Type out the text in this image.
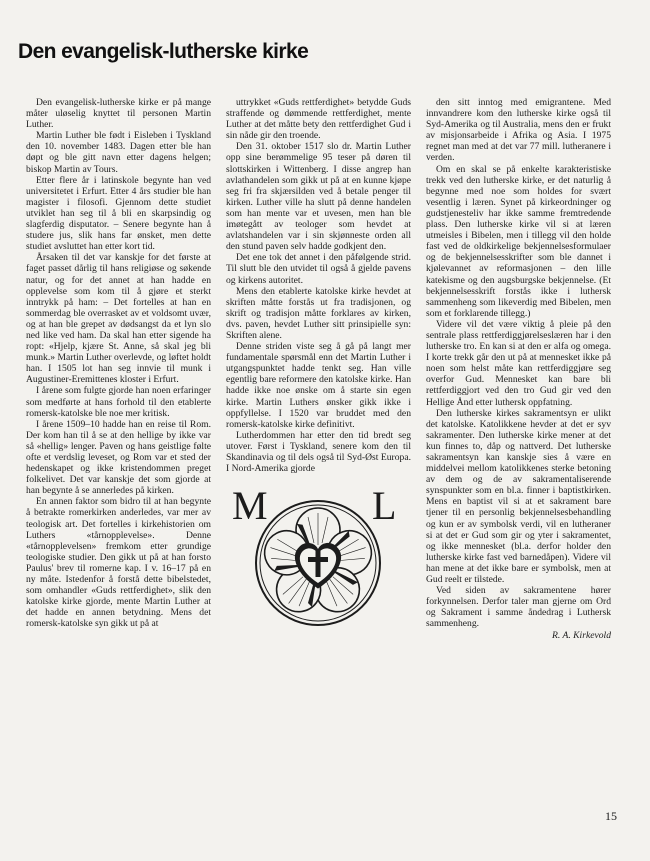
Den evangelisk-lutherske kirke

Den evangelisk-lutherske kirke er på mange måter uløselig knyttet til personen Martin Luther.

Martin Luther ble født i Eisleben i Tyskland den 10. november 1483. Dagen etter ble han døpt og ble gitt navn etter dagens helgen; biskop Martin av Tours.

Etter flere år i latinskole begynte han ved universitetet i Erfurt. Etter 4 års studier ble han magister i filosofi. Gjennom dette studiet utviklet han seg til å bli en skarpsindig og slagferdig disputator. – Senere begynte han å studere jus, slik hans far ønsket, men dette studiet avsluttet han etter kort tid.

Årsaken til det var kanskje for det første at faget passet dårlig til hans religiøse og søkende natur, og for det annet at han hadde en opplevelse som kom til å gjøre et sterkt inntrykk på ham: – Det fortelles at han en sommerdag ble overrasket av et voldsomt uvær, og at han ble grepet av dødsangst da et lyn slo ned like ved ham. Da skal han etter sigende ha ropt: «Hjelp, kjære St. Anne, så skal jeg bli munk.» Martin Luther overlevde, og løftet holdt han. I 1505 lot han seg innvie til munk i Augustiner-Eremittenes kloster i Erfurt.

I årene som fulgte gjorde han noen erfaringer som medførte at hans forhold til den etablerte romersk-katolske ble noe mer kritisk.

I årene 1509–10 hadde han en reise til Rom. Der kom han til å se at den hellige by ikke var så «hellig» lenger. Paven og hans geistlige følte ofte et verdslig leveset, og Rom var et sted der hedenskapet og ikke kristendommen preget folkelivet. Det var kanskje det som gjorde at han begynte å se annerledes på kirken.

En annen faktor som bidro til at han begynte å betrakte romerkirken anderledes, var mer av teologisk art. Det fortelles i kirkehistorien om Luthers «tårnopplevelse». Denne «tårnopplevelsen» fremkom etter grundige teologiske studier. Den gikk ut på at han forsto Paulus' brev til romerne kap. I v. 16–17 på en ny måte. Istedenfor å forstå dette bibelstedet, som omhandler «Guds rettferdighet», slik den katolske kirke gjorde, mente Martin Luther at det hadde en annen betydning. Mens det romersk-katolske syn gikk ut på at

uttrykket «Guds rettferdighet» betydde Guds straffende og dømmende rettferdighet, mente Luther at det måtte bety den rettferdighet Gud i sin nåde gir den troende.

Den 31. oktober 1517 slo dr. Martin Luther opp sine berømmelige 95 teser på døren til slottskirken i Wittenberg. I disse angrep han avlathandelen som gikk ut på at en kunne kjøpe seg fri fra skjærsilden ved å betale penger til kirken. Luther ville ha slutt på denne handelen som han mente var et uvesen, men han ble imøtegått av teologer som hevdet at avlatshandelen var i sin skjønneste orden all den stund paven selv hadde godkjent den.

Det ene tok det annet i den påfølgende strid. Til slutt ble den utvidet til også å gjelde pavens og kirkens autoritet.

Mens den etablerte katolske kirke hevdet at skriften måtte forstås ut fra tradisjonen, og skrift og tradisjon måtte forklares av kirken, dvs. paven, hevdet Luther sitt prinsipielle syn: Skriften alene.

Denne striden viste seg å gå på langt mer fundamentale spørsmål enn det Martin Luther i utgangspunktet hadde tenkt seg. Han ville egentlig bare reformere den katolske kirke. Han hadde ikke noe ønske om å starte sin egen kirke. Martin Luthers ønsker gikk ikke i oppfyllelse. I 1520 var bruddet med den romersk-katolske kirke definitivt.

Lutherdommen har etter den tid bredt seg utover. Først i Tyskland, senere kom den til Skandinavia og til dels også til Syd-Øst Europa. I Nord-Amerika gjorde

M	L

den sitt inntog med emigrantene. Med innvandrere kom den lutherske kirke også til Syd-Amerika og til Australia, mens den er frukt av misjonsarbeide i Afrika og Asia. I 1975 regnet man med at det var 77 mill. lutheranere i verden.

Om en skal se på enkelte karakteristiske trekk ved den lutherske kirke, er det naturlig å begynne med noe som holdes for svært vesentlig i læren. Synet på kirkeordninger og gudstjenesteliv har ikke samme fremtredende plass. Den lutherske kirke vil si at læren utmeisles i Bibelen, men i tillegg vil den holde fast ved de oldkirkelige bekjennelsesformulaer og de bekjennelsesskrifter som ble dannet i kjølevannet av reformasjonen – den lille katekisme og den augsburgske bekjennelse. (Et bekjennelsesskrift forstås ikke i luthersk sammenheng som likeverdig med Bibelen, men som et forklarende tillegg.)

Videre vil det være viktig å pleie på den sentrale plass rettferdiggjørelseslæren har i den lutherske tro. En kan si at den er alfa og omega. I korte trekk går den ut på at mennesket ikke på noen som helst måte kan rettferdiggjøre seg overfor Gud. Mennesket kan bare bli rettferdiggjort ved den tro Gud gir ved den Hellige Ånd etter luthersk oppfatning.

Den lutherske kirkes sakramentsyn er ulikt det katolske. Katolikkene hevder at det er syv sakramenter. Den lutherske kirke mener at det kun finnes to, dåp og nattverd. Det lutherske sakramentsyn kan kanskje sies å være en middelvei mellom katolikkenes sterke betoning av dem og de av sakramentaliserende synspunkter som en bl.a. finner i baptistkirken. Mens en baptist vil si at et sakrament bare tjener til en personlig bekjennelsesbehandling og kun er av symbolsk verdi, vil en lutheraner si at det er Gud som gir og yter i sakramentet, og ikke mennesket (bl.a. derfor holder den lutherske kirke fast ved barnedåpen). Videre vil han mene at det ikke bare er symbolsk, men at Gud reelt er tilstede.

Ved siden av sakramentene hører forkynnelsen. Derfor taler man gjerne om Ord og Sakrament i samme åndedrag i Luthersk sammenheng.

R. A. Kirkevold

15
